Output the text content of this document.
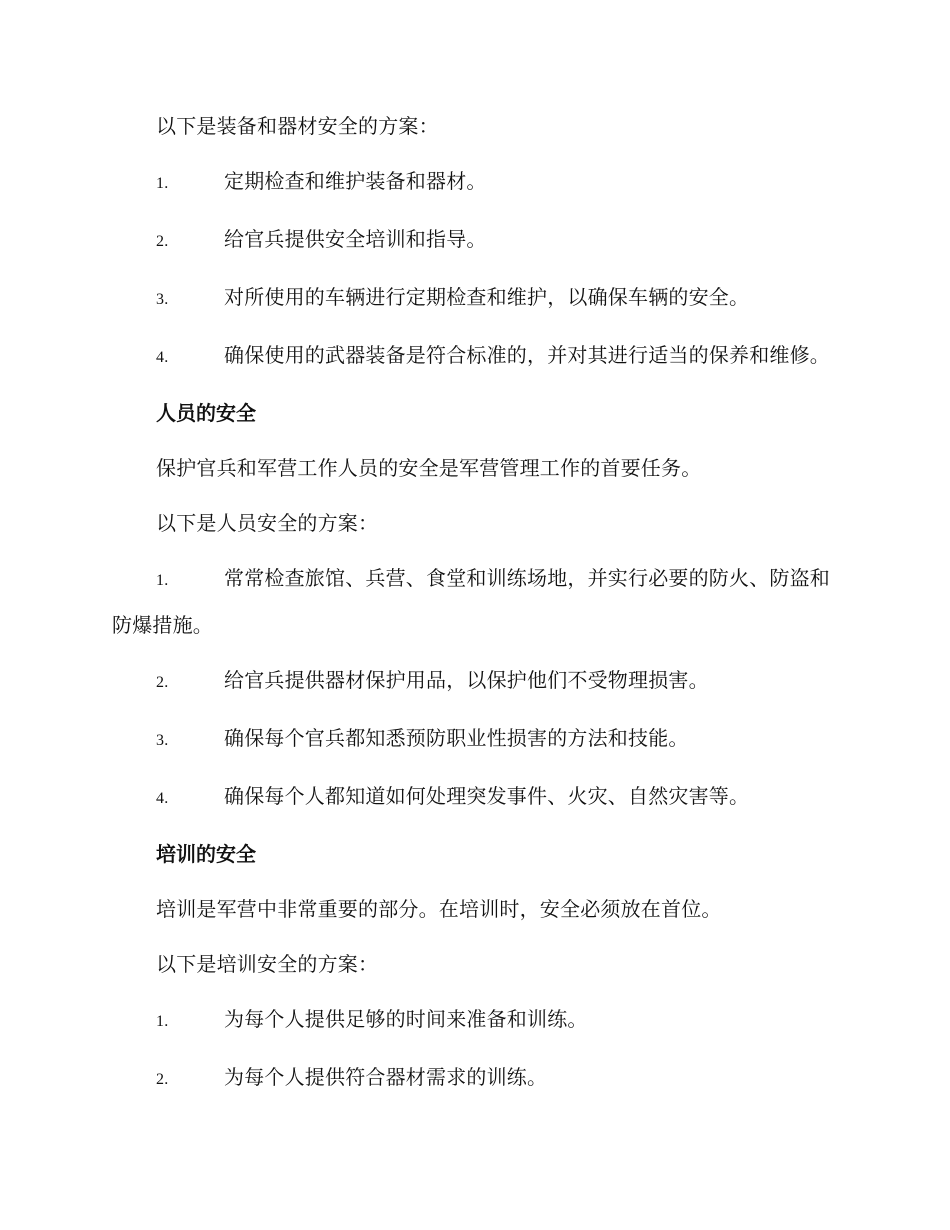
以下是装备和器材安全的方案：

1.	定期检查和维护装备和器材。

2.	给官兵提供安全培训和指导。

3.	对所使用的车辆进行定期检查和维护，以确保车辆的安全。

4.	确保使用的武器装备是符合标准的，并对其进行适当的保养和维修。

人员的安全

保护官兵和军营工作人员的安全是军营管理工作的首要任务。

以下是人员安全的方案：

1.	常常检查旅馆、兵营、食堂和训练场地，并实行必要的防火、防盗和防爆措施。

2.	给官兵提供器材保护用品，以保护他们不受物理损害。

3.	确保每个官兵都知悉预防职业性损害的方法和技能。

4.	确保每个人都知道如何处理突发事件、火灾、自然灾害等。

培训的安全

培训是军营中非常重要的部分。在培训时，安全必须放在首位。

以下是培训安全的方案：

1.	为每个人提供足够的时间来准备和训练。

2.	为每个人提供符合器材需求的训练。
